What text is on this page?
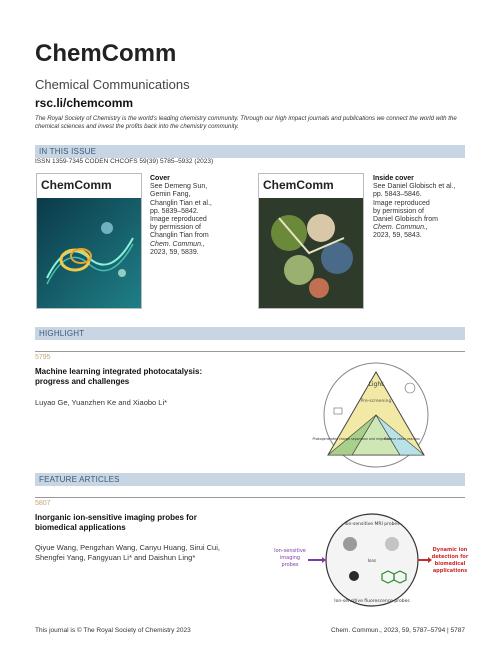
ChemComm
Chemical Communications
rsc.li/chemcomm
The Royal Society of Chemistry is the world's leading chemistry community. Through our high impact journals and publications we connect the world with the chemical sciences and invest the profits back into the chemistry community.
IN THIS ISSUE
ISSN 1359-7345 CODEN CHCOFS 59(39) 5785–5932 (2023)
ChemComm	Cover
See Demeng Sun,
Gemin Fang,
Changlin Tian et al.,
pp. 5839–5842.
Image reproduced
by permission of
Changlin Tian from
Chem. Commun.,
2023, 59, 5839.
ChemComm	Inside cover
See Daniel Globisch et al.,
pp. 5843–5846.
Image reproduced
by permission of
Daniel Globisch from
Chem. Commun.,
2023, 59, 5843.
HIGHLIGHT
5795
Machine learning integrated photocatalysis:
progress and challenges
Luyao Ge, Yuanzhen Ke and Xiaobo Li*
Light
Pre-screening
Photogenerated charge separation and migration
Surface redox reaction
FEATURE ARTICLES
5807
Inorganic ion-sensitive imaging probes for
biomedical applications
Qiyue Wang, Pengzhan Wang, Canyu Huang, Sirui Cui,
Shengfei Yang, Fangyuan Li* and Daishun Ling*
Ion-sensitive MRI probes
Ion-sensitive fluorescence probes
Ions
Ion-sensitive
imaging
probes
Dynamic ion
detection for
biomedical
applications
This journal is © The Royal Society of Chemistry 2023	Chem. Commun., 2023, 59, 5787–5794 | 5787
